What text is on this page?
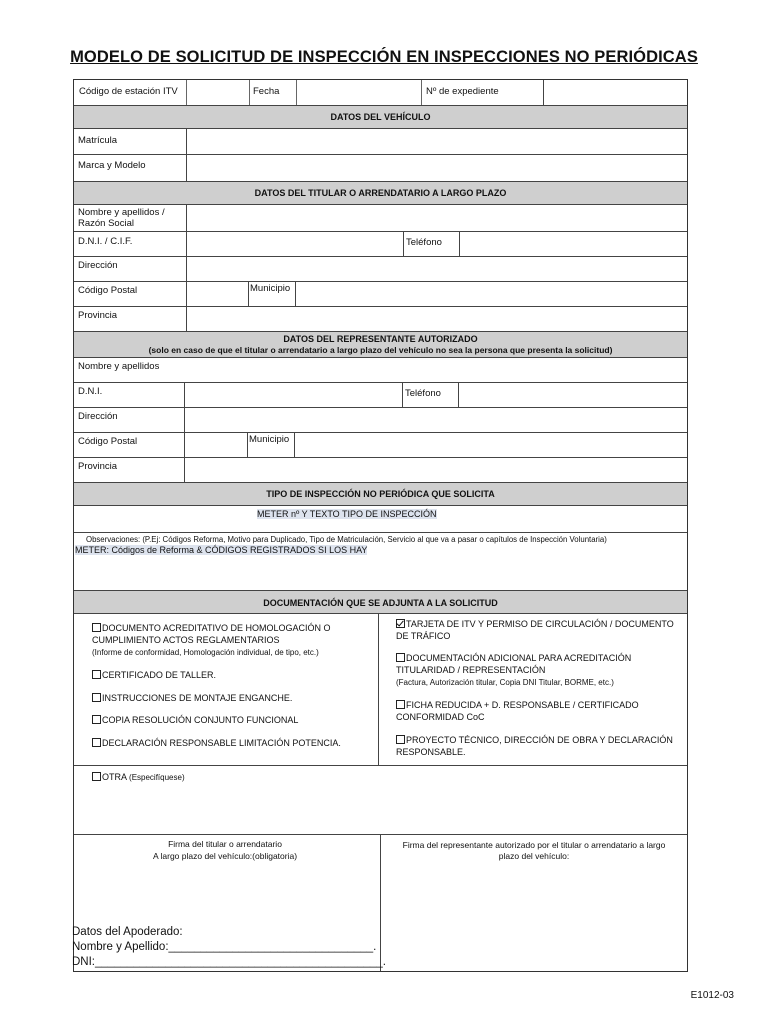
MODELO DE SOLICITUD DE INSPECCIÓN EN INSPECCIONES NO PERIÓDICAS
Código de estación ITV	Fecha	Nº de expediente
DATOS DEL VEHÍCULO
Matrícula
Marca y Modelo
DATOS DEL TITULAR O ARRENDATARIO A LARGO PLAZO
Nombre y apellidos /
Razón Social
D.N.I. / C.I.F.	Teléfono
Dirección
Código Postal	Municipio
Provincia
DATOS DEL REPRESENTANTE AUTORIZADO
(solo en caso de que el titular o arrendatario a largo plazo del vehículo no sea la persona que presenta la solicitud)
Nombre y apellidos
D.N.I.	Teléfono
Dirección
Código Postal	Municipio
Provincia
TIPO DE INSPECCIÓN NO PERIÓDICA QUE SOLICITA
METER nº Y TEXTO TIPO DE INSPECCIÓN
Observaciones: (P.Ej: Códigos Reforma, Motivo para Duplicado, Tipo de Matriculación, Servicio al que va a pasar o capítulos de Inspección Voluntaria)
METER: Códigos de Reforma & CÓDIGOS REGISTRADOS SI LOS HAY
DOCUMENTACIÓN QUE SE ADJUNTA A LA SOLICITUD
DOCUMENTO ACREDITATIVO DE HOMOLOGACIÓN O
CUMPLIMIENTO ACTOS REGLAMENTARIOS
(Informe de conformidad, Homologación individual, de tipo, etc.)
CERTIFICADO DE TALLER.
INSTRUCCIONES DE MONTAJE ENGANCHE.
COPIA RESOLUCIÓN CONJUNTO FUNCIONAL
DECLARACIÓN RESPONSABLE LIMITACIÓN POTENCIA.
TARJETA DE ITV Y PERMISO DE CIRCULACIÓN / DOCUMENTO
DE TRÁFICO
DOCUMENTACIÓN ADICIONAL PARA ACREDITACIÓN
TITULARIDAD / REPRESENTACIÓN
(Factura, Autorización titular, Copia DNI Titular, BORME, etc.)
FICHA REDUCIDA + D. RESPONSABLE / CERTIFICADO
CONFORMIDAD CoC
PROYECTO TÉCNICO, DIRECCIÓN DE OBRA Y DECLARACIÓN
RESPONSABLE.
OTRA (Especifíquese)
Firma del titular o arrendatario
A largo plazo del vehículo:(obligatoria)
Firma del representante autorizado por el titular o arrendatario a largo
plazo del vehículo:
Datos del Apoderado:
Nombre y Apellido:________________________________.
DNI:_____________________________________________.
E1012-03
